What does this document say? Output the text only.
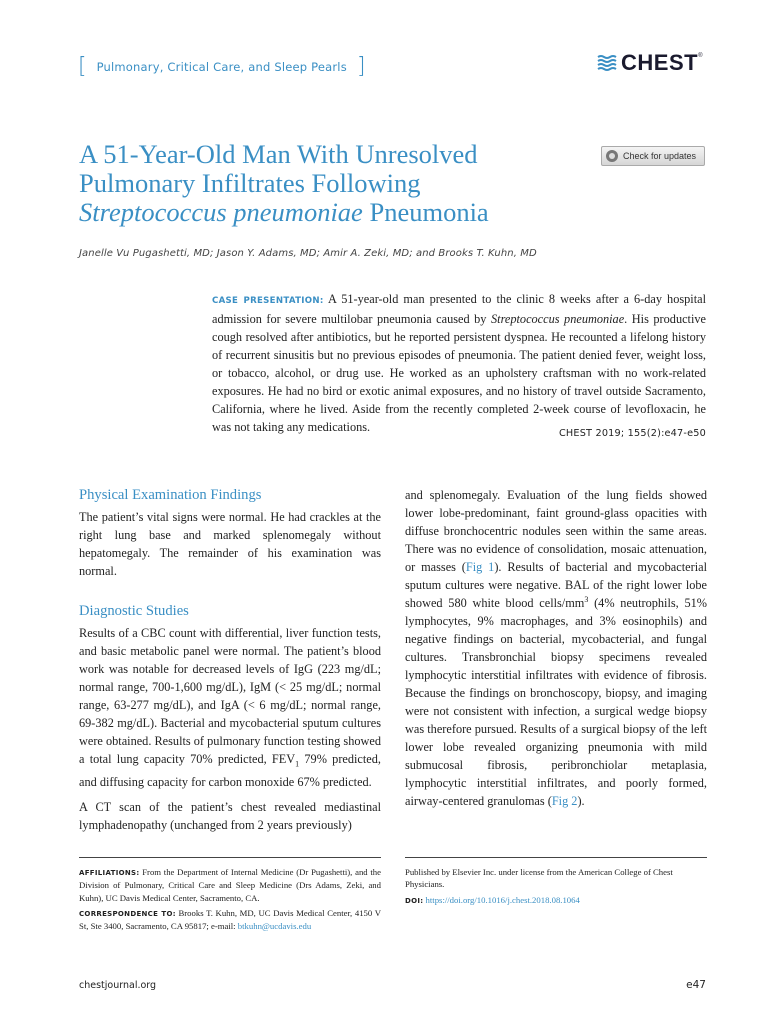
[ Pulmonary, Critical Care, and Sleep Pearls ]	CHEST ®
A 51-Year-Old Man With Unresolved
Pulmonary Infiltrates Following
Streptococcus pneumoniae Pneumonia
Check for updates
Janelle Vu Pugashetti, MD; Jason Y. Adams, MD; Amir A. Zeki, MD; and Brooks T. Kuhn, MD

CASE PRESENTATION: A 51-year-old man presented to the clinic 8 weeks after a 6-day hospital admission for severe multilobar pneumonia caused by Streptococcus pneumoniae. His productive cough resolved after antibiotics, but he reported persistent dyspnea. He recounted a lifelong history of recurrent sinusitis but no previous episodes of pneumonia. The patient denied fever, weight loss, or tobacco, alcohol, or drug use. He worked as an upholstery craftsman with no work-related exposures. He had no bird or exotic animal exposures, and no history of travel outside Sacramento, California, where he lived. Aside from the recently completed 2-week course of levofloxacin, he was not taking any medications.	CHEST 2019; 155(2):e47-e50
Physical Examination Findings

The patient’s vital signs were normal. He had crackles at the right lung base and marked splenomegaly without hepatomegaly. The remainder of his examination was normal.

Diagnostic Studies

Results of a CBC count with differential, liver function tests, and basic metabolic panel were normal. The patient’s blood work was notable for decreased levels of IgG (223 mg/dL; normal range, 700-1,600 mg/dL), IgM (< 25 mg/dL; normal range, 63-277 mg/dL), and IgA (< 6 mg/dL; normal range, 69-382 mg/dL). Bacterial and mycobacterial sputum cultures were obtained. Results of pulmonary function testing showed a total lung capacity 70% predicted, $FEV_1$ 79% predicted, and diffusing capacity for carbon monoxide 67% predicted.

A CT scan of the patient’s chest revealed mediastinal lymphadenopathy (unchanged from 2 years previously)

and splenomegaly. Evaluation of the lung fields showed lower lobe-predominant, faint ground-glass opacities with diffuse bronchocentric nodules seen within the same areas. There was no evidence of consolidation, mosaic attenuation, or masses (Fig 1). Results of bacterial and mycobacterial sputum cultures were negative. BAL of the right lower lobe showed 580 white blood cells/$mm^3$ (4% neutrophils, 51% lymphocytes, 9% macrophages, and 3% eosinophils) and negative findings on bacterial, mycobacterial, and fungal cultures. Transbronchial biopsy specimens revealed lymphocytic interstitial infiltrates with evidence of fibrosis. Because the findings on bronchoscopy, biopsy, and imaging were not consistent with infection, a surgical wedge biopsy was therefore pursued. Results of a surgical biopsy of the left lower lobe revealed organizing pneumonia with mild submucosal fibrosis, peribronchiolar metaplasia, lymphocytic interstitial infiltrates, and poorly formed, airway-centered granulomas (Fig 2).

AFFILIATIONS: From the Department of Internal Medicine (Dr Pugashetti), and the Division of Pulmonary, Critical Care and Sleep Medicine (Drs Adams, Zeki, and Kuhn), UC Davis Medical Center, Sacramento, CA.

CORRESPONDENCE TO: Brooks T. Kuhn, MD, UC Davis Medical Center, 4150 V St, Ste 3400, Sacramento, CA 95817; e-mail: btkuhn@ucdavis.edu

Published by Elsevier Inc. under license from the American College of Chest Physicians.

DOI: https://doi.org/10.1016/j.chest.2018.08.1064

chestjournal.org	e47
